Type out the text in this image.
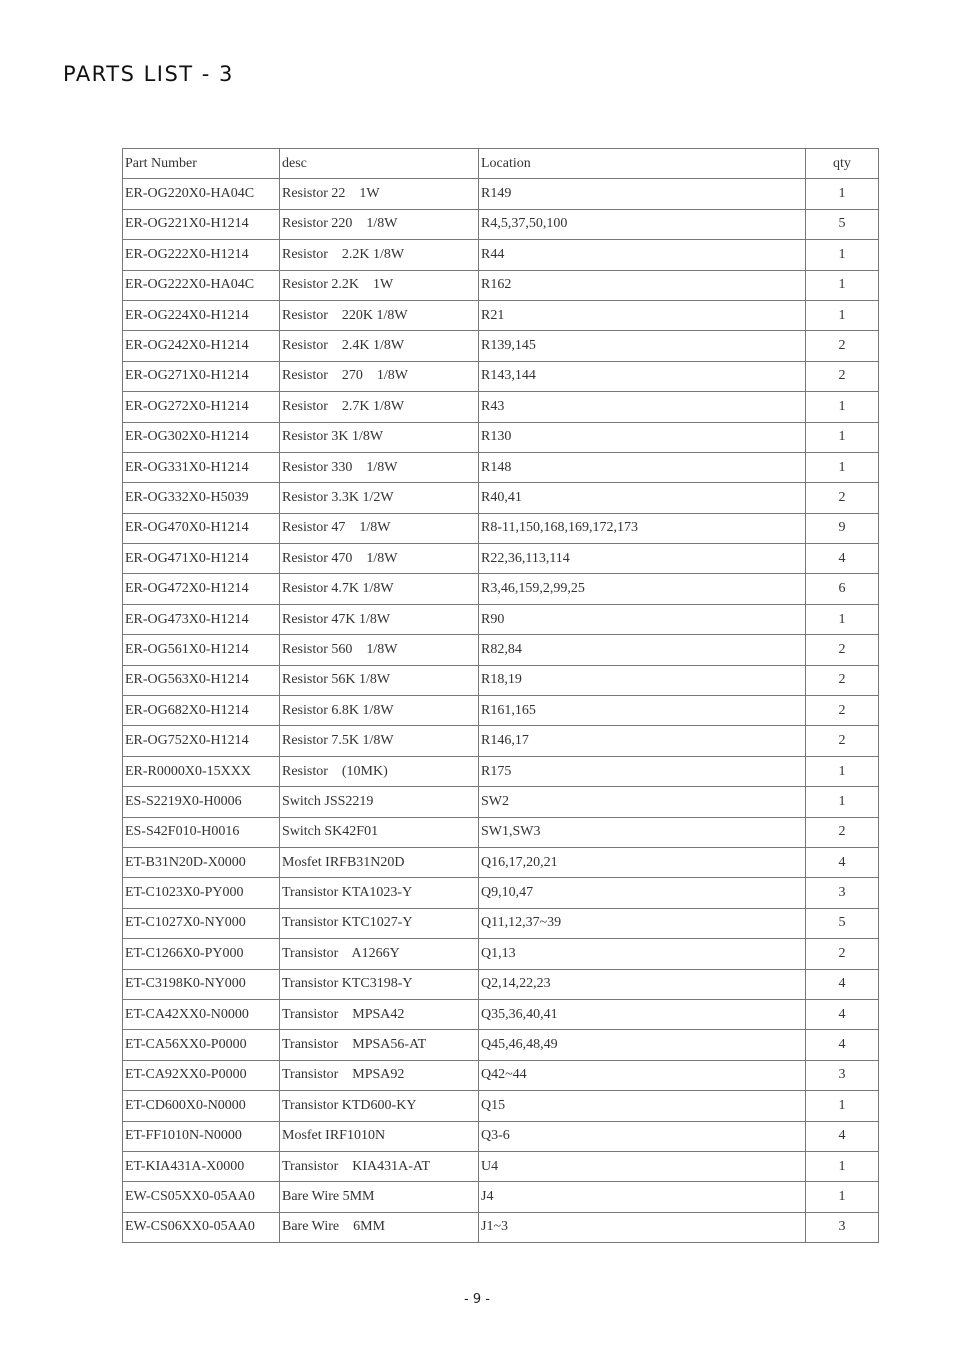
PARTS LIST - 3
Part Number	desc	Location	qty
ER-OG220X0-HA04C	Resistor 22    1W	R149	1
ER-OG221X0-H1214	Resistor 220    1/8W	R4,5,37,50,100	5
ER-OG222X0-H1214	Resistor    2.2K 1/8W	R44	1
ER-OG222X0-HA04C	Resistor 2.2K    1W	R162	1
ER-OG224X0-H1214	Resistor    220K 1/8W	R21	1
ER-OG242X0-H1214	Resistor    2.4K 1/8W	R139,145	2
ER-OG271X0-H1214	Resistor    270    1/8W	R143,144	2
ER-OG272X0-H1214	Resistor    2.7K 1/8W	R43	1
ER-OG302X0-H1214	Resistor 3K 1/8W	R130	1
ER-OG331X0-H1214	Resistor 330    1/8W	R148	1
ER-OG332X0-H5039	Resistor 3.3K 1/2W	R40,41	2
ER-OG470X0-H1214	Resistor 47    1/8W	R8-11,150,168,169,172,173	9
ER-OG471X0-H1214	Resistor 470    1/8W	R22,36,113,114	4
ER-OG472X0-H1214	Resistor 4.7K 1/8W	R3,46,159,2,99,25	6
ER-OG473X0-H1214	Resistor 47K 1/8W	R90	1
ER-OG561X0-H1214	Resistor 560    1/8W	R82,84	2
ER-OG563X0-H1214	Resistor 56K 1/8W	R18,19	2
ER-OG682X0-H1214	Resistor 6.8K 1/8W	R161,165	2
ER-OG752X0-H1214	Resistor 7.5K 1/8W	R146,17	2
ER-R0000X0-15XXX	Resistor    (10MK)	R175	1
ES-S2219X0-H0006	Switch JSS2219	SW2	1
ES-S42F010-H0016	Switch SK42F01	SW1,SW3	2
ET-B31N20D-X0000	Mosfet IRFB31N20D	Q16,17,20,21	4
ET-C1023X0-PY000	Transistor KTA1023-Y	Q9,10,47	3
ET-C1027X0-NY000	Transistor KTC1027-Y	Q11,12,37~39	5
ET-C1266X0-PY000	Transistor    A1266Y	Q1,13	2
ET-C3198K0-NY000	Transistor KTC3198-Y	Q2,14,22,23	4
ET-CA42XX0-N0000	Transistor    MPSA42	Q35,36,40,41	4
ET-CA56XX0-P0000	Transistor    MPSA56-AT	Q45,46,48,49	4
ET-CA92XX0-P0000	Transistor    MPSA92	Q42~44	3
ET-CD600X0-N0000	Transistor KTD600-KY	Q15	1
ET-FF1010N-N0000	Mosfet IRF1010N	Q3-6	4
ET-KIA431A-X0000	Transistor    KIA431A-AT	U4	1
EW-CS05XX0-05AA0	Bare Wire 5MM	J4	1
EW-CS06XX0-05AA0	Bare Wire    6MM	J1~3	3
- 9 -
